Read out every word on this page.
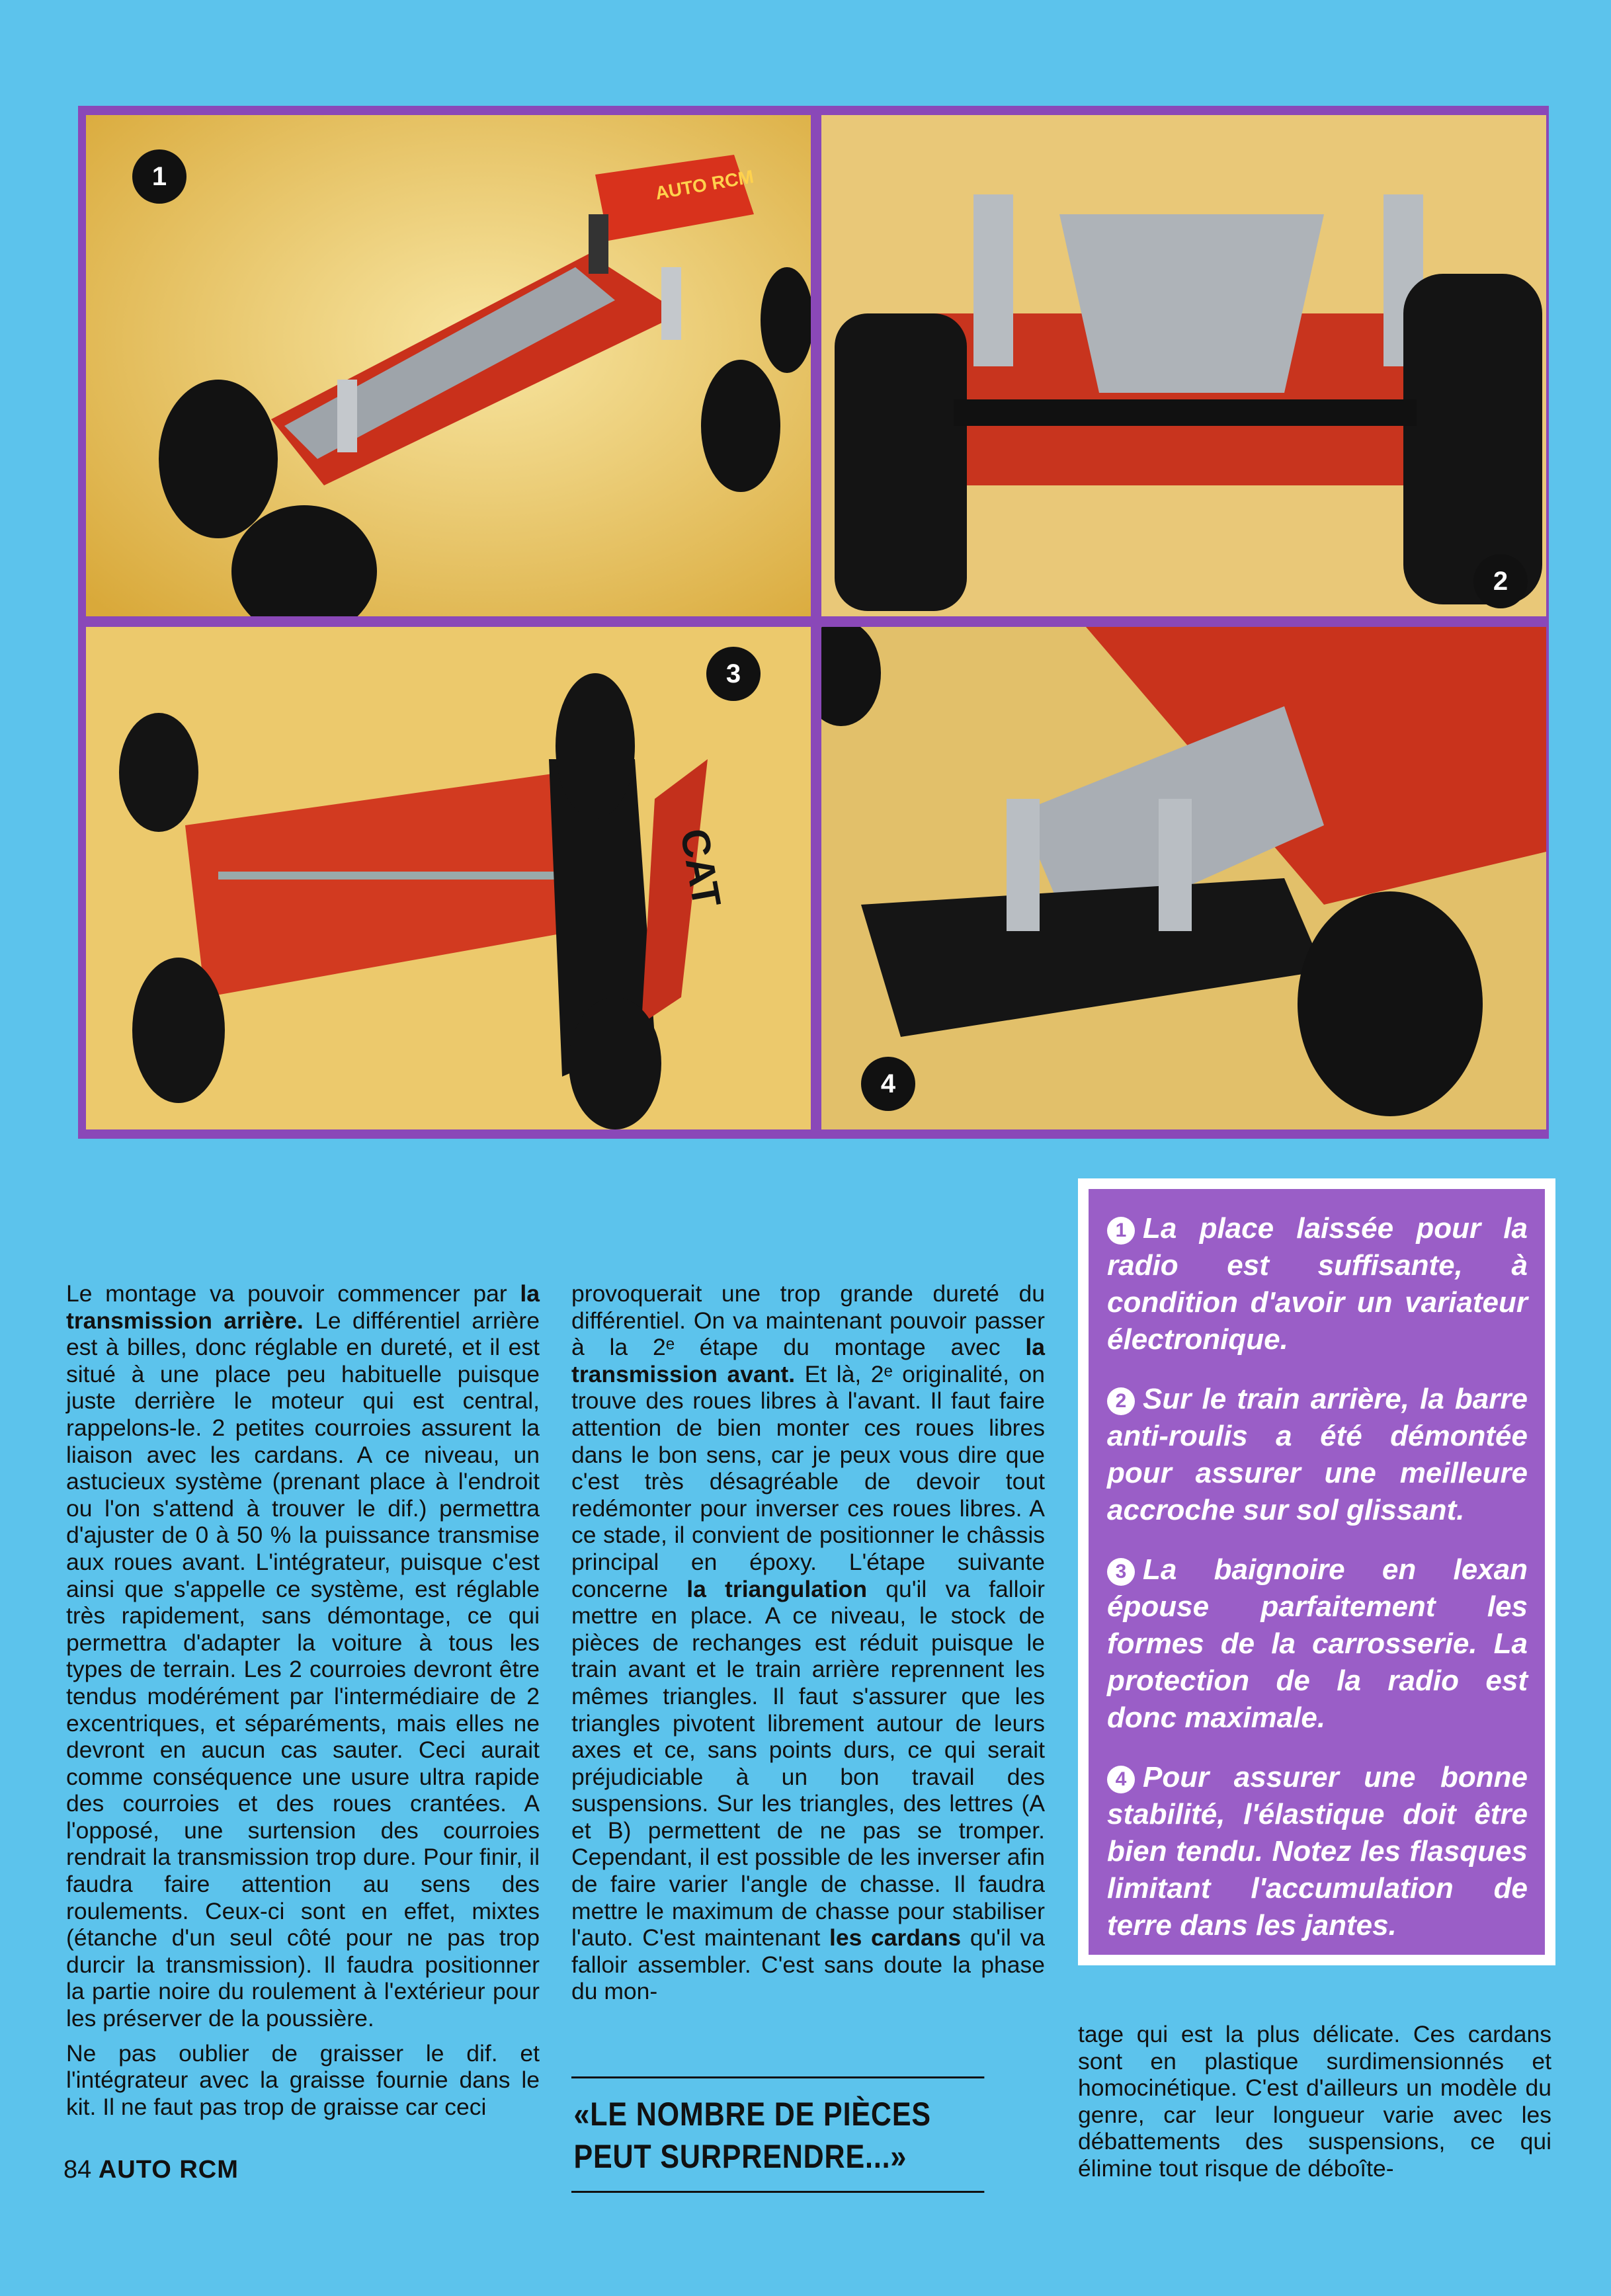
1	AUTO RCM
2
3
CAT
4

Le montage va pouvoir commencer par la transmission arrière. Le différentiel arrière est à billes, donc réglable en dureté, et il est situé à une place peu habituelle puisque juste derrière le moteur qui est central, rappelons-le. 2 petites courroies assurent la liaison avec les cardans. A ce niveau, un astucieux système (prenant place à l'endroit ou l'on s'attend à trouver le dif.) permettra d'ajuster de 0 à 50 % la puissance transmise aux roues avant. L'intégrateur, puisque c'est ainsi que s'appelle ce système, est réglable très rapidement, sans démontage, ce qui permettra d'adapter la voiture à tous les types de terrain. Les 2 courroies devront être tendus modérément par l'intermédiaire de 2 excentriques, et séparéments, mais elles ne devront en aucun cas sauter. Ceci aurait comme conséquence une usure ultra rapide des courroies et des roues crantées. A l'opposé, une surtension des courroies rendrait la transmission trop dure. Pour finir, il faudra faire attention au sens des roulements. Ceux-ci sont en effet, mixtes (étanche d'un seul côté pour ne pas trop durcir la transmission). Il faudra positionner la partie noire du roulement à l'extérieur pour les préserver de la poussière.

Ne pas oublier de graisser le dif. et l'intégrateur avec la graisse fournie dans le kit. Il ne faut pas trop de graisse car ceci

provoquerait une trop grande dureté du différentiel. On va maintenant pouvoir passer à la 2ᵉ étape du montage avec la transmission avant. Et là, 2ᵉ originalité, on trouve des roues libres à l'avant. Il faut faire attention de bien monter ces roues libres dans le bon sens, car je peux vous dire que c'est très désagréable de devoir tout redémonter pour inverser ces roues libres. A ce stade, il convient de positionner le châssis principal en époxy. L'étape suivante concerne la triangulation qu'il va falloir mettre en place. A ce niveau, le stock de pièces de rechanges est réduit puisque le train avant et le train arrière reprennent les mêmes triangles. Il faut s'assurer que les triangles pivotent librement autour de leurs axes et ce, sans points durs, ce qui serait préjudiciable à un bon travail des suspensions. Sur les triangles, des lettres (A et B) permettent de ne pas se tromper. Cependant, il est possible de les inverser afin de faire varier l'angle de chasse. Il faudra mettre le maximum de chasse pour stabiliser l'auto. C'est maintenant les cardans qu'il va falloir assembler. C'est sans doute la phase du mon-

«LE NOMBRE DE PIÈCES
PEUT SURPRENDRE...»

1 La place laissée pour la radio est suffisante, à condition d'avoir un variateur électronique.

2 Sur le train arrière, la barre anti-roulis a été démontée pour assurer une meilleure accroche sur sol glissant.

3 La baignoire en lexan épouse parfaitement les formes de la carrosserie. La protection de la radio est donc maximale.

4 Pour assurer une bonne stabilité, l'élastique doit être bien tendu. Notez les flasques limitant l'accumulation de terre dans les jantes.

tage qui est la plus délicate. Ces cardans sont en plastique surdimensionnés et homocinétique. C'est d'ailleurs un modèle du genre, car leur longueur varie avec les débattements des suspensions, ce qui élimine tout risque de déboîte-

84 AUTO RCM
